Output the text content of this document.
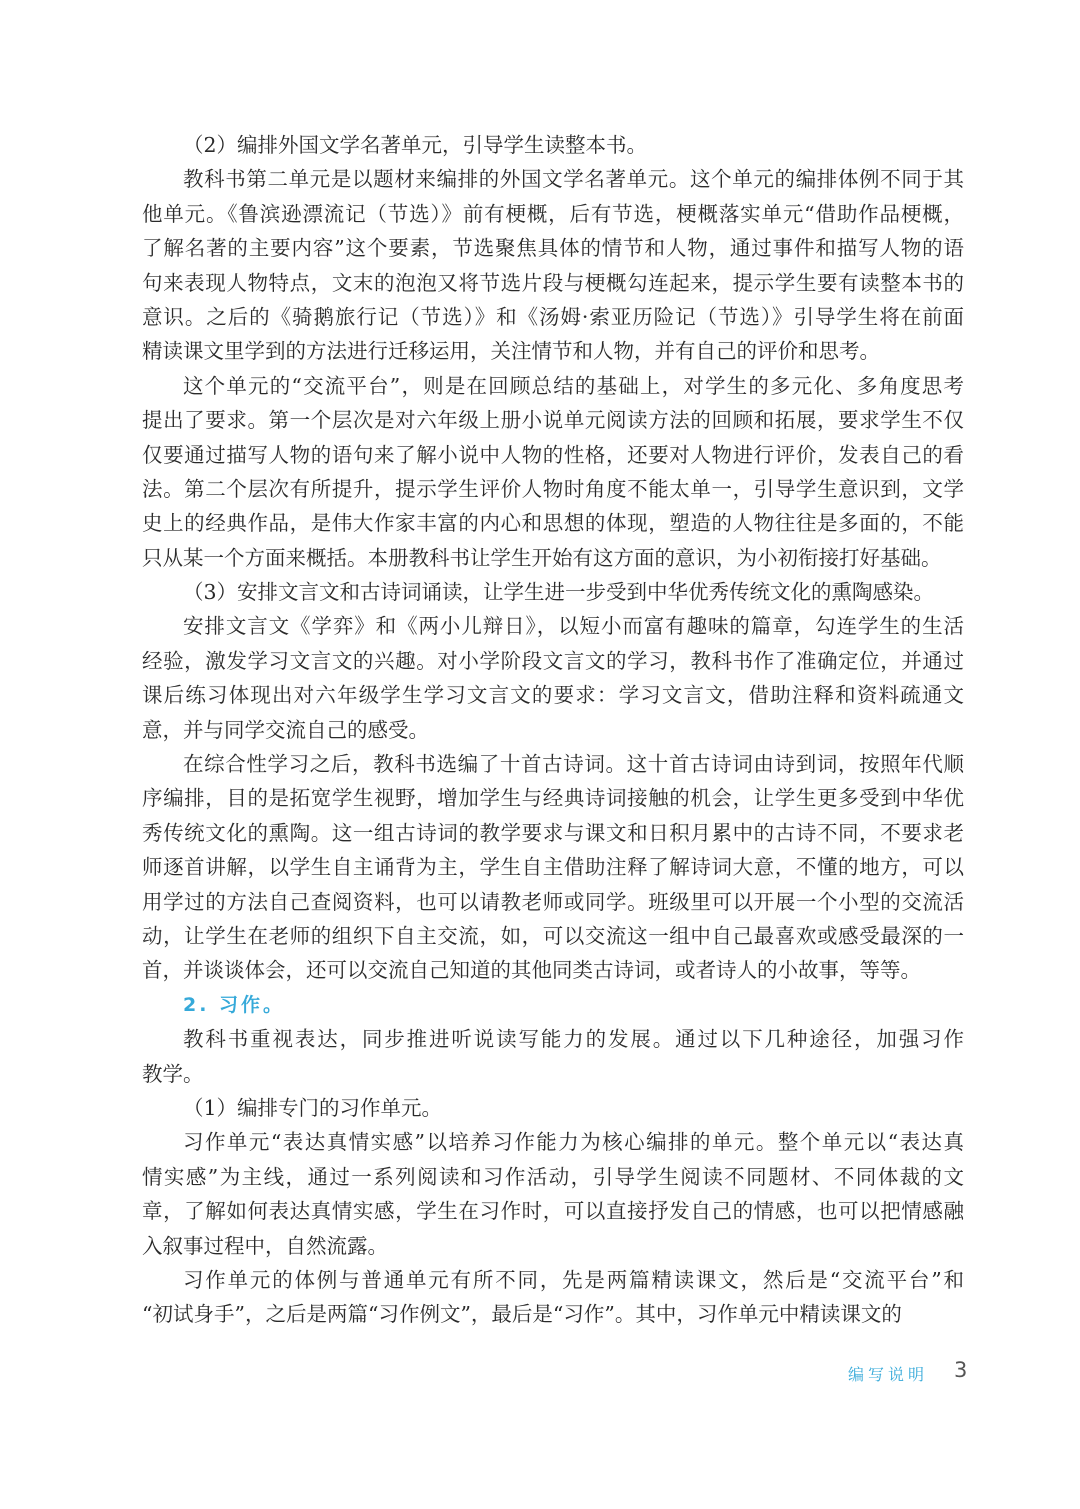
（2）编排外国文学名著单元，引导学生读整本书。
教科书第二单元是以题材来编排的外国文学名著单元。这个单元的编排体例不同于其
他单元。《鲁滨逊漂流记（节选）》前有梗概，后有节选，梗概落实单元“借助作品梗概，
了解名著的主要内容”这个要素，节选聚焦具体的情节和人物，通过事件和描写人物的语
句来表现人物特点，文末的泡泡又将节选片段与梗概勾连起来，提示学生要有读整本书的
意识。之后的《骑鹅旅行记（节选）》和《汤姆·索亚历险记（节选）》引导学生将在前面
精读课文里学到的方法进行迁移运用，关注情节和人物，并有自己的评价和思考。
这个单元的“交流平台”，则是在回顾总结的基础上，对学生的多元化、多角度思考
提出了要求。第一个层次是对六年级上册小说单元阅读方法的回顾和拓展，要求学生不仅
仅要通过描写人物的语句来了解小说中人物的性格，还要对人物进行评价，发表自己的看
法。第二个层次有所提升，提示学生评价人物时角度不能太单一，引导学生意识到，文学
史上的经典作品，是伟大作家丰富的内心和思想的体现，塑造的人物往往是多面的，不能
只从某一个方面来概括。本册教科书让学生开始有这方面的意识，为小初衔接打好基础。
（3）安排文言文和古诗词诵读，让学生进一步受到中华优秀传统文化的熏陶感染。
安排文言文《学弈》和《两小儿辩日》，以短小而富有趣味的篇章，勾连学生的生活
经验，激发学习文言文的兴趣。对小学阶段文言文的学习，教科书作了准确定位，并通过
课后练习体现出对六年级学生学习文言文的要求：学习文言文，借助注释和资料疏通文
意，并与同学交流自己的感受。
在综合性学习之后，教科书选编了十首古诗词。这十首古诗词由诗到词，按照年代顺
序编排，目的是拓宽学生视野，增加学生与经典诗词接触的机会，让学生更多受到中华优
秀传统文化的熏陶。这一组古诗词的教学要求与课文和日积月累中的古诗不同，不要求老
师逐首讲解，以学生自主诵背为主，学生自主借助注释了解诗词大意，不懂的地方，可以
用学过的方法自己查阅资料，也可以请教老师或同学。班级里可以开展一个小型的交流活
动，让学生在老师的组织下自主交流，如，可以交流这一组中自己最喜欢或感受最深的一
首，并谈谈体会，还可以交流自己知道的其他同类古诗词，或者诗人的小故事，等等。
2. 习作。
教科书重视表达，同步推进听说读写能力的发展。通过以下几种途径，加强习作
教学。
（1）编排专门的习作单元。
习作单元“表达真情实感”以培养习作能力为核心编排的单元。整个单元以“表达真
情实感”为主线，通过一系列阅读和习作活动，引导学生阅读不同题材、不同体裁的文
章，了解如何表达真情实感，学生在习作时，可以直接抒发自己的情感，也可以把情感融
入叙事过程中，自然流露。
习作单元的体例与普通单元有所不同，先是两篇精读课文，然后是“交流平台”和
“初试身手”，之后是两篇“习作例文”，最后是“习作”。其中，习作单元中精读课文的
编写说明 3
